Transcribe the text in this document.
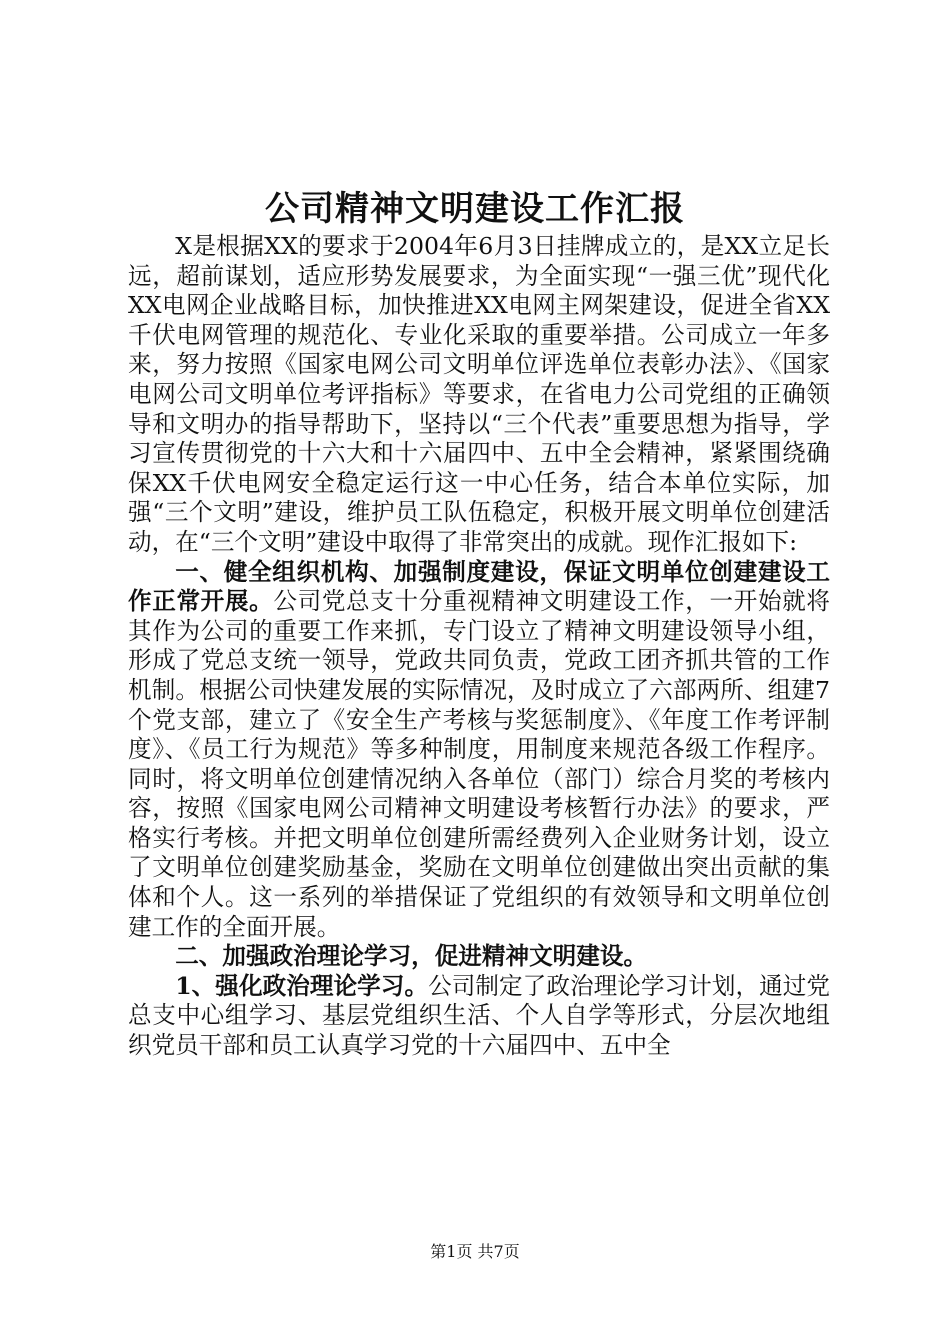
公司精神文明建设工作汇报

X是根据XX的要求于2004年6月3日挂牌成立的，是XX立足长远，超前谋划，适应形势发展要求，为全面实现“一强三优”现代化XX电网企业战略目标，加快推进XX电网主网架建设，促进全省XX千伏电网管理的规范化、专业化采取的重要举措。公司成立一年多来，努力按照《国家电网公司文明单位评选单位表彰办法》、《国家电网公司文明单位考评指标》等要求，在省电力公司党组的正确领导和文明办的指导帮助下，坚持以“三个代表”重要思想为指导，学习宣传贯彻党的十六大和十六届四中、五中全会精神，紧紧围绕确保XX千伏电网安全稳定运行这一中心任务，结合本单位实际，加强“三个文明”建设，维护员工队伍稳定，积极开展文明单位创建活动，在“三个文明”建设中取得了非常突出的成就。现作汇报如下:

一、健全组织机构、加强制度建设，保证文明单位创建建设工作正常开展。公司党总支十分重视精神文明建设工作，一开始就将其作为公司的重要工作来抓，专门设立了精神文明建设领导小组，形成了党总支统一领导，党政共同负责，党政工团齐抓共管的工作机制。根据公司快建发展的实际情况，及时成立了六部两所、组建7个党支部，建立了《安全生产考核与奖惩制度》、《年度工作考评制度》、《员工行为规范》等多种制度，用制度来规范各级工作程序。同时，将文明单位创建情况纳入各单位（部门）综合月奖的考核内容，按照《国家电网公司精神文明建设考核暂行办法》的要求，严格实行考核。并把文明单位创建所需经费列入企业财务计划，设立了文明单位创建奖励基金，奖励在文明单位创建做出突出贡献的集体和个人。这一系列的举措保证了党组织的有效领导和文明单位创建工作的全面开展。

二、加强政治理论学习，促进精神文明建设。

1、强化政治理论学习。公司制定了政治理论学习计划，通过党总支中心组学习、基层党组织生活、个人自学等形式，分层次地组织党员干部和员工认真学习党的十六届四中、五中全

第1页 共7页
